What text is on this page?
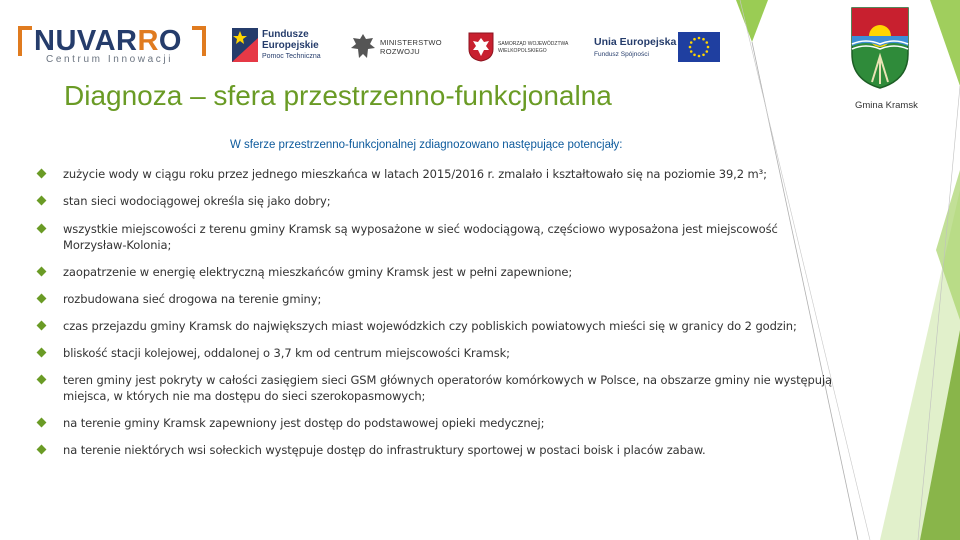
NUVARRO
Centrum Innowacji
Fundusze
Europejskie
Pomoc Techniczna
MINISTERSTWO
ROZWOJU
SAMORZĄD WOJEWÓDZTWA
WIELKOPOLSKIEGO
Unia Europejska
Fundusz Spójności
Gmina Kramsk
Diagnoza – sfera przestrzenno-funkcjonalna
W sferze przestrzenno-funkcjonalnej zdiagnozowano następujące potencjały:
zużycie wody w ciągu roku przez jednego mieszkańca w latach 2015/2016 r. zmalało i kształtowało się na poziomie 39,2 m³;
stan sieci wodociągowej określa się jako dobry;
wszystkie miejscowości z terenu gminy Kramsk są wyposażone w sieć wodociągową, częściowo wyposażona jest miejscowość Morzysław-Kolonia;
zaopatrzenie w energię elektryczną mieszkańców gminy Kramsk jest w pełni zapewnione;
rozbudowana sieć drogowa na terenie gminy;
czas przejazdu gminy Kramsk do największych miast wojewódzkich czy pobliskich powiatowych mieści się w granicy do 2 godzin;
bliskość stacji kolejowej, oddalonej o 3,7 km od centrum miejscowości Kramsk;
teren gminy jest pokryty w całości zasięgiem sieci GSM głównych operatorów komórkowych w Polsce, na obszarze gminy nie występują miejsca, w których nie ma dostępu do sieci szerokopasmowych;
na terenie gminy Kramsk zapewniony jest dostęp do podstawowej opieki medycznej;
na terenie niektórych wsi sołeckich występuje dostęp do infrastruktury sportowej w postaci boisk i placów zabaw.
